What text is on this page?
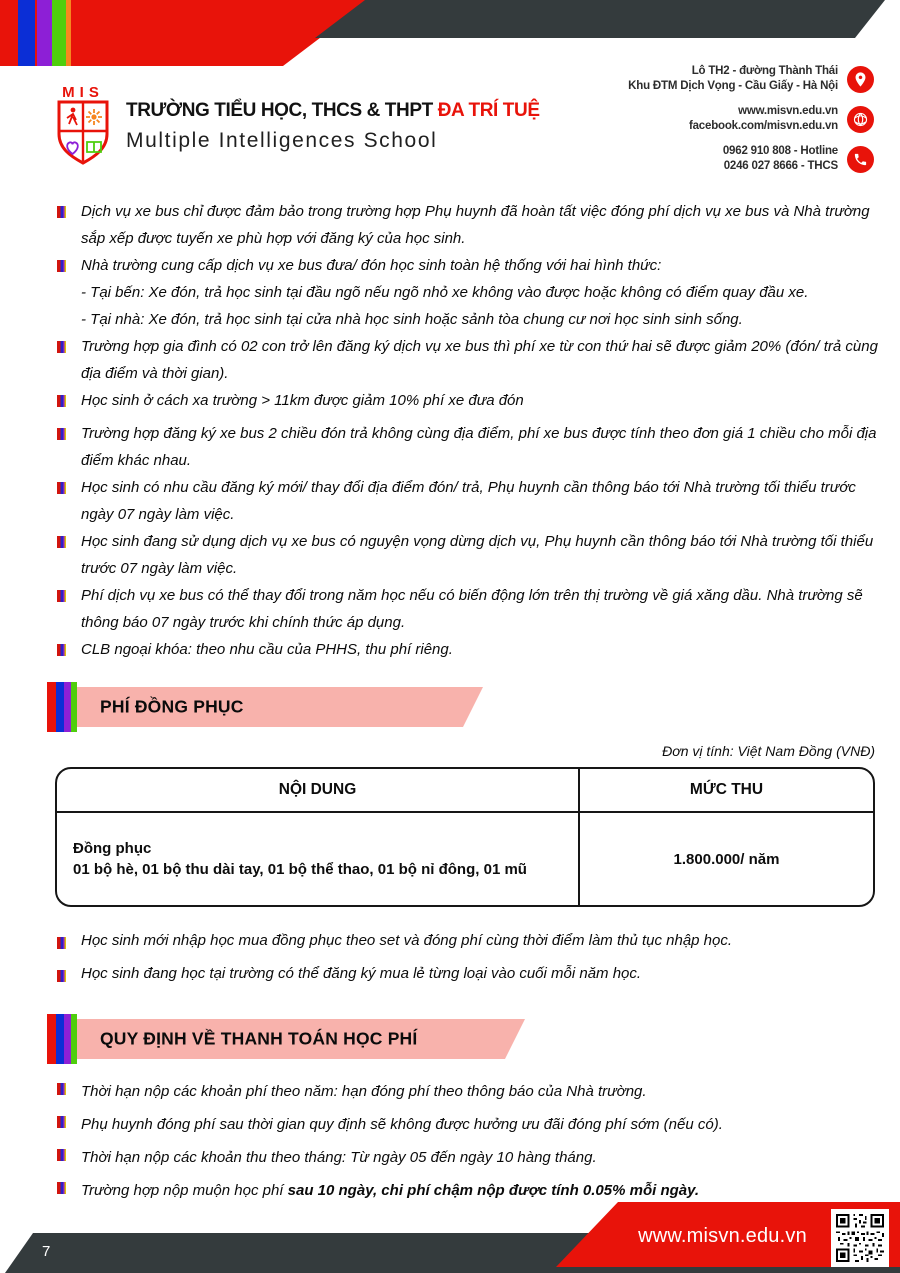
MIS
TRƯỜNG TIỂU HỌC, THCS & THPT ĐA TRÍ TUỆ
Multiple Intelligences School
Lô TH2 - đường Thành Thái
Khu ĐTM Dịch Vọng - Cầu Giấy - Hà Nội
www.misvn.edu.vn
facebook.com/misvn.edu.vn
0962 910 808 - Hotline
0246 027 8666 - THCS
Dịch vụ xe bus chỉ được đảm bảo trong trường hợp Phụ huynh đã hoàn tất việc đóng phí dịch vụ xe bus và Nhà trường sắp xếp được tuyến xe phù hợp với đăng ký của học sinh.
Nhà trường cung cấp dịch vụ xe bus đưa/ đón học sinh toàn hệ thống với hai hình thức:
- Tại bến: Xe đón, trả học sinh tại đầu ngõ nếu ngõ nhỏ xe không vào được hoặc không có điểm quay đầu xe.
- Tại nhà: Xe đón, trả học sinh tại cửa nhà học sinh hoặc sảnh tòa chung cư nơi học sinh sinh sống.
Trường hợp gia đình có 02 con trở lên đăng ký dịch vụ xe bus thì phí xe từ con thứ hai sẽ được giảm 20% (đón/ trả cùng địa điểm và thời gian).
Học sinh ở cách xa trường > 11km được giảm 10% phí xe đưa đón
Trường hợp đăng ký xe bus 2 chiều đón trả không cùng địa điểm, phí xe bus được tính theo đơn giá 1 chiều cho mỗi địa điểm khác nhau.
Học sinh có nhu cầu đăng ký mới/ thay đổi địa điểm đón/ trả, Phụ huynh cần thông báo tới Nhà trường tối thiểu trước ngày 07 ngày làm việc.
Học sinh đang sử dụng dịch vụ xe bus có nguyện vọng dừng dịch vụ, Phụ huynh cần thông báo tới Nhà trường tối thiểu trước 07 ngày làm việc.
Phí dịch vụ xe bus có thể thay đổi trong năm học nếu có biến động lớn trên thị trường về giá xăng dầu. Nhà trường sẽ thông báo 07 ngày trước khi chính thức áp dụng.
CLB ngoại khóa: theo nhu cầu của PHHS, thu phí riêng.
PHÍ ĐỒNG PHỤC
Đơn vị tính: Việt Nam Đồng (VNĐ)
NỘI DUNG	MỨC THU
Đồng phục
01 bộ hè, 01 bộ thu dài tay, 01 bộ thể thao, 01 bộ nỉ đông, 01 mũ
1.800.000/ năm
Học sinh mới nhập học mua đồng phục theo set và đóng phí cùng thời điểm làm thủ tục nhập học.
Học sinh đang học tại trường có thể đăng ký mua lẻ từng loại vào cuối mỗi năm học.
QUY ĐỊNH VỀ THANH TOÁN HỌC PHÍ
Thời hạn nộp các khoản phí theo năm: hạn đóng phí theo thông báo của Nhà trường.
Phụ huynh đóng phí sau thời gian quy định sẽ không được hưởng ưu đãi đóng phí sớm (nếu có).
Thời hạn nộp các khoản thu theo tháng: Từ ngày 05 đến ngày 10 hàng tháng.
Trường hợp nộp muộn học phí sau 10 ngày, chi phí chậm nộp được tính 0.05% mỗi ngày.
7
www.misvn.edu.vn
